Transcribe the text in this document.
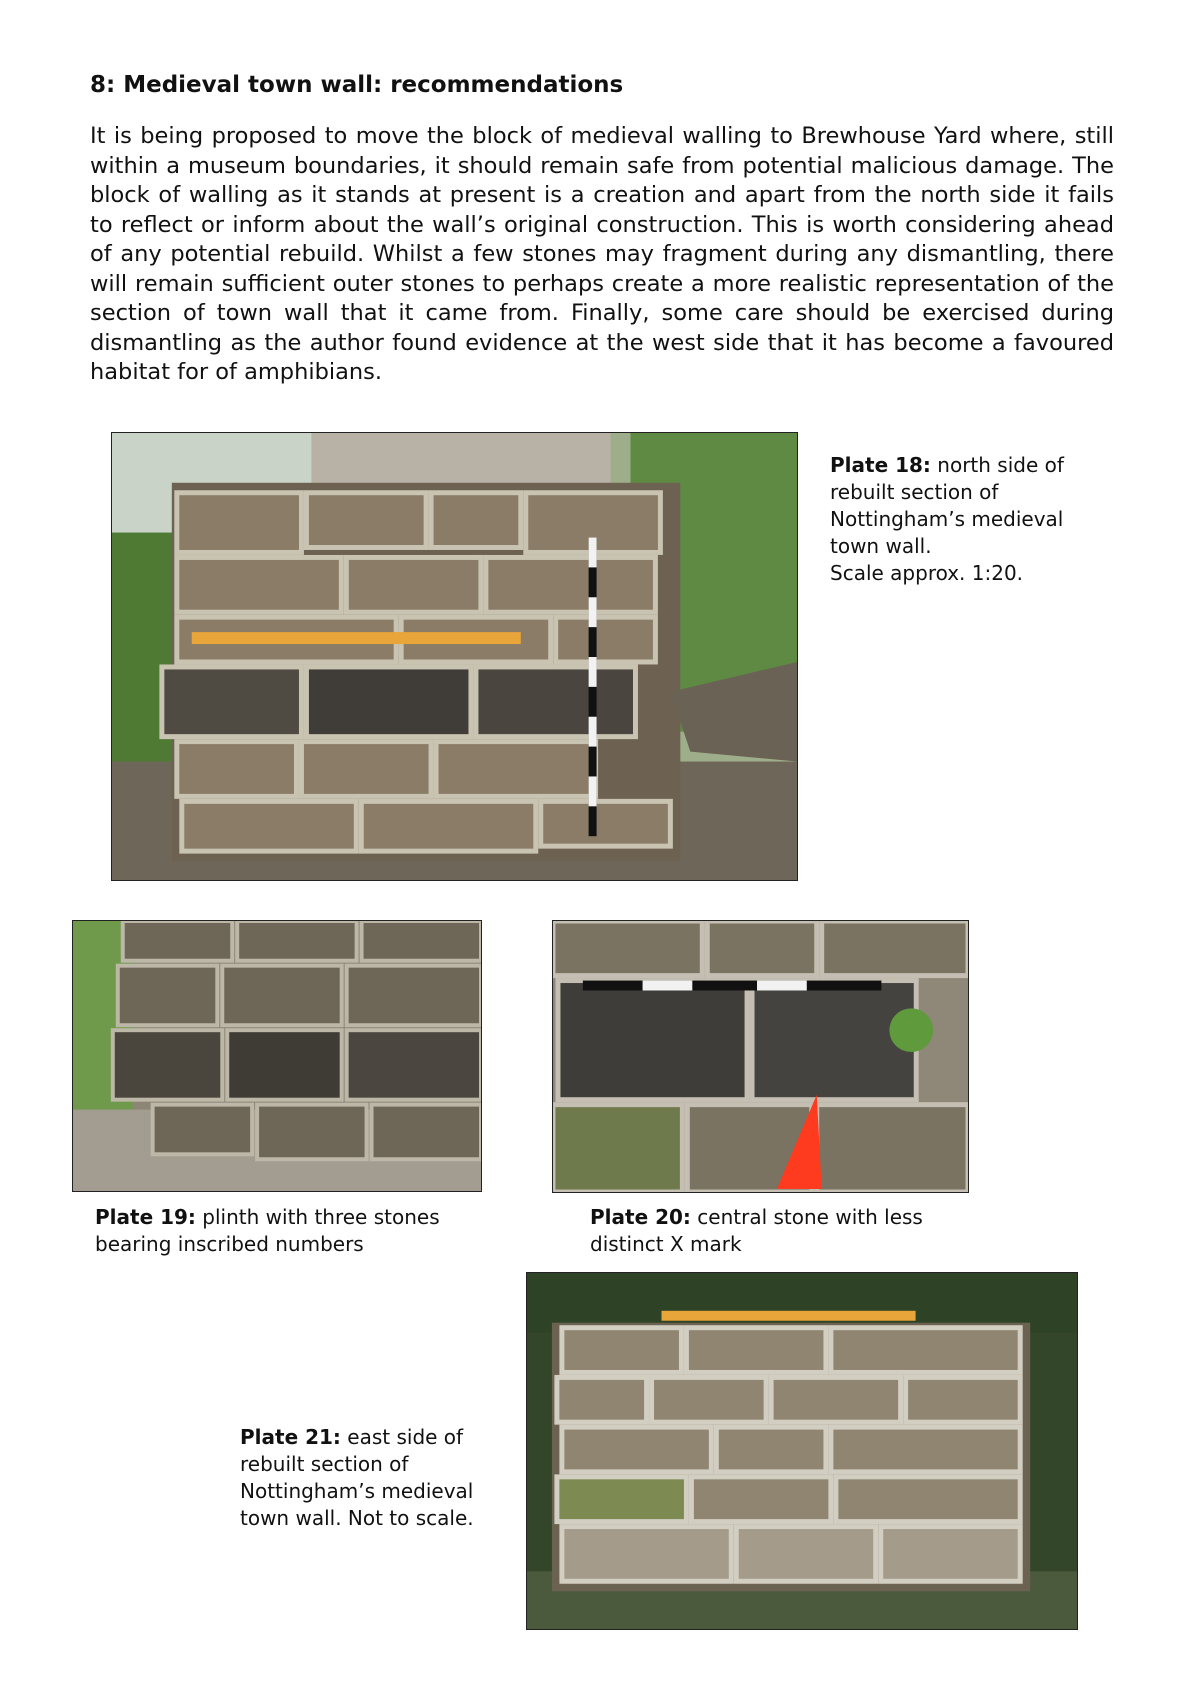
8: Medieval town wall: recommendations

It is being proposed to move the block of medieval walling to Brewhouse Yard where, still within a museum boundaries, it should remain safe from potential malicious damage. The block of walling as it stands at present is a creation and apart from the north side it fails to reflect or inform about the wall’s original construction. This is worth considering ahead of any potential rebuild. Whilst a few stones may fragment during any dismantling, there will remain sufficient outer stones to perhaps create a more realistic representation of the section of town wall that it came from. Finally, some care should be exercised during dismantling as the author found evidence at the west side that it has become a favoured habitat for of amphibians.

Plate 18: north side of rebuilt section of Nottingham’s medieval town wall.
Scale approx. 1:20.

Plate 19: plinth with three stones bearing inscribed numbers

Plate 20: central stone with less distinct X mark

Plate 21: east side of rebuilt section of Nottingham’s medieval town wall. Not to scale.
